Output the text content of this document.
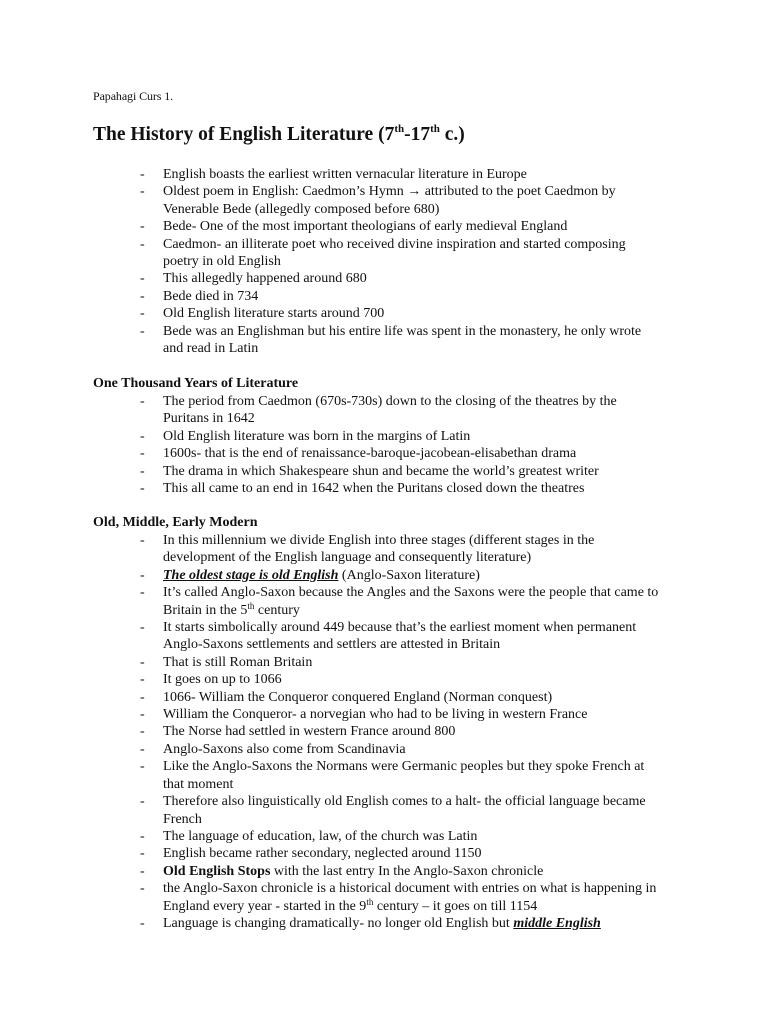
Papahagi Curs 1.
The History of English Literature (7th-17th c.)
- English boasts the earliest written vernacular literature in Europe
- Oldest poem in English: Caedmon’s Hymn → attributed to the poet Caedmon by Venerable Bede (allegedly composed before 680)
- Bede- One of the most important theologians of early medieval England
- Caedmon- an illiterate poet who received divine inspiration and started composing poetry in old English
- This allegedly happened around 680
- Bede died in 734
- Old English literature starts around 700
- Bede was an Englishman but his entire life was spent in the monastery, he only wrote and read in Latin
One Thousand Years of Literature
- The period from Caedmon (670s-730s) down to the closing of the theatres by the Puritans in 1642
- Old English literature was born in the margins of Latin
- 1600s- that is the end of renaissance-baroque-jacobean-elisabethan drama
- The drama in which Shakespeare shun and became the world’s greatest writer
- This all came to an end in 1642 when the Puritans closed down the theatres
Old, Middle, Early Modern
- In this millennium we divide English into three stages (different stages in the development of the English language and consequently literature)
- The oldest stage is old English (Anglo-Saxon literature)
- It’s called Anglo-Saxon because the Angles and the Saxons were the people that came to Britain in the 5th century
- It starts simbolically around 449 because that’s the earliest moment when permanent Anglo-Saxons settlements and settlers are attested in Britain
- That is still Roman Britain
- It goes on up to 1066
- 1066- William the Conqueror conquered England (Norman conquest)
- William the Conqueror- a norvegian who had to be living in western France
- The Norse had settled in western France around 800
- Anglo-Saxons also come from Scandinavia
- Like the Anglo-Saxons the Normans were Germanic peoples but they spoke French at that moment
- Therefore also linguistically old English comes to a halt- the official language became French
- The language of education, law, of the church was Latin
- English became rather secondary, neglected around 1150
- Old English Stops with the last entry In the Anglo-Saxon chronicle
- the Anglo-Saxon chronicle is a historical document with entries on what is happening in England every year - started in the 9th century – it goes on till 1154
- Language is changing dramatically- no longer old English but middle English
